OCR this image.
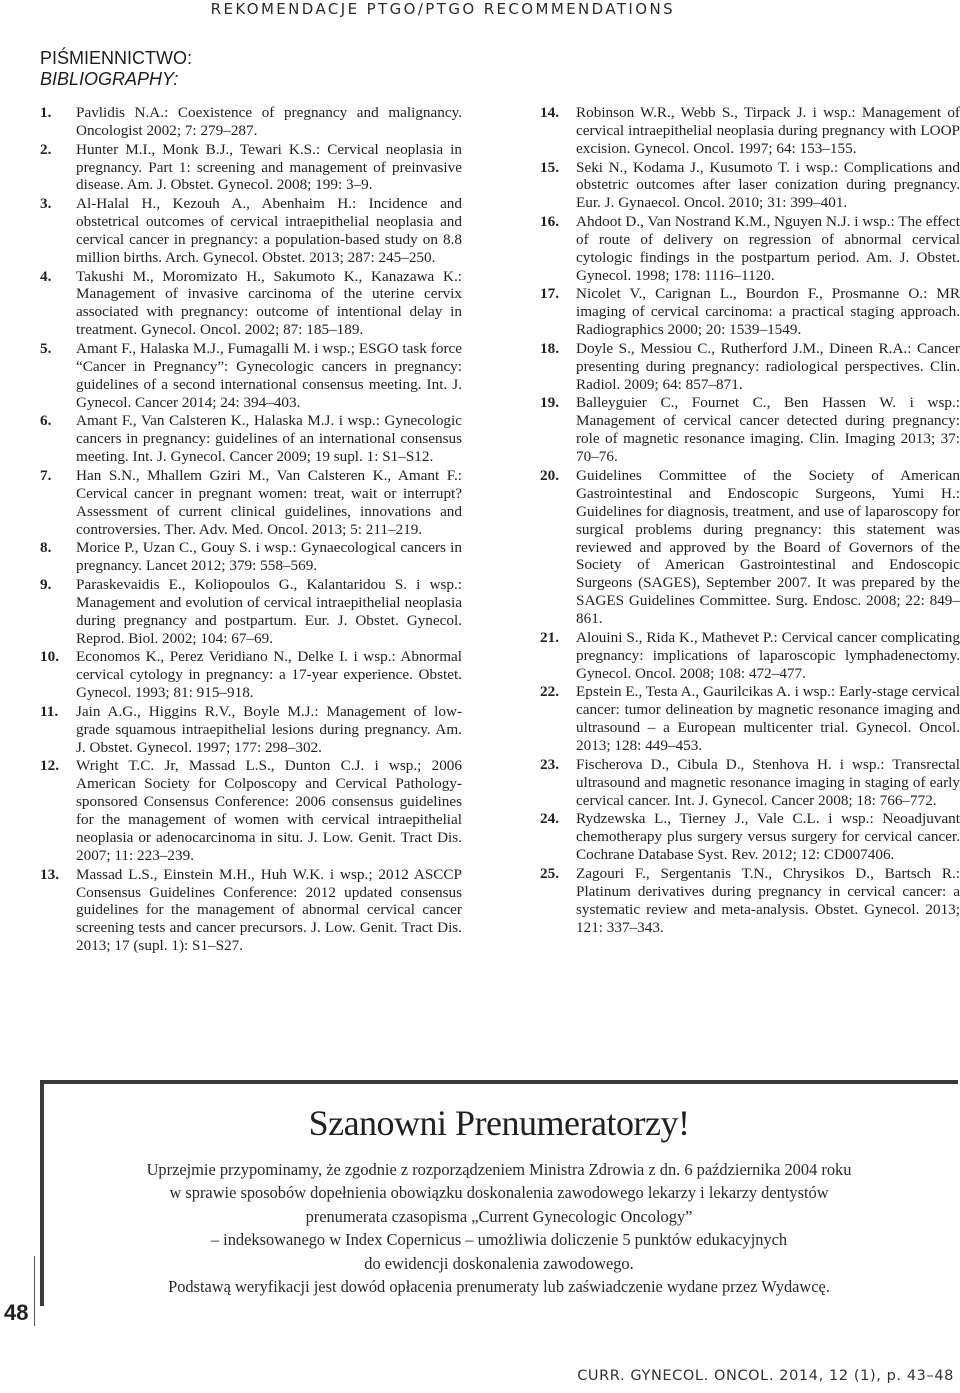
REKOMENDACJE PTGO/PTGO RECOMMENDATIONS
PIŚMIENNICTWO:
BIBLIOGRAPHY:
1. Pavlidis N.A.: Coexistence of pregnancy and malignancy. Oncologist 2002; 7: 279–287.
2. Hunter M.I., Monk B.J., Tewari K.S.: Cervical neoplasia in pregnancy. Part 1: screening and management of preinvasive disease. Am. J. Obstet. Gynecol. 2008; 199: 3–9.
3. Al-Halal H., Kezouh A., Abenhaim H.: Incidence and obstetrical outcomes of cervical intraepithelial neoplasia and cervical cancer in pregnancy: a population-based study on 8.8 million births. Arch. Gynecol. Obstet. 2013; 287: 245–250.
4. Takushi M., Moromizato H., Sakumoto K., Kanazawa K.: Management of invasive carcinoma of the uterine cervix associated with pregnancy: outcome of intentional delay in treatment. Gynecol. Oncol. 2002; 87: 185–189.
5. Amant F., Halaska M.J., Fumagalli M. i wsp.; ESGO task force “Cancer in Pregnancy”: Gynecologic cancers in pregnancy: guidelines of a second international consensus meeting. Int. J. Gynecol. Cancer 2014; 24: 394–403.
6. Amant F., Van Calsteren K., Halaska M.J. i wsp.: Gynecologic cancers in pregnancy: guidelines of an international consensus meeting. Int. J. Gynecol. Cancer 2009; 19 supl. 1: S1–S12.
7. Han S.N., Mhallem Gziri M., Van Calsteren K., Amant F.: Cervical cancer in pregnant women: treat, wait or interrupt? Assessment of current clinical guidelines, innovations and controversies. Ther. Adv. Med. Oncol. 2013; 5: 211–219.
8. Morice P., Uzan C., Gouy S. i wsp.: Gynaecological cancers in pregnancy. Lancet 2012; 379: 558–569.
9. Paraskevaidis E., Koliopoulos G., Kalantaridou S. i wsp.: Management and evolution of cervical intraepithelial neoplasia during pregnancy and postpartum. Eur. J. Obstet. Gynecol. Reprod. Biol. 2002; 104: 67–69.
10. Economos K., Perez Veridiano N., Delke I. i wsp.: Abnormal cervical cytology in pregnancy: a 17-year experience. Obstet. Gynecol. 1993; 81: 915–918.
11. Jain A.G., Higgins R.V., Boyle M.J.: Management of low-grade squamous intraepithelial lesions during pregnancy. Am. J. Obstet. Gynecol. 1997; 177: 298–302.
12. Wright T.C. Jr, Massad L.S., Dunton C.J. i wsp.; 2006 American Society for Colposcopy and Cervical Pathology-sponsored Consensus Conference: 2006 consensus guidelines for the management of women with cervical intraepithelial neoplasia or adenocarcinoma in situ. J. Low. Genit. Tract Dis. 2007; 11: 223–239.
13. Massad L.S., Einstein M.H., Huh W.K. i wsp.; 2012 ASCCP Consensus Guidelines Conference: 2012 updated consensus guidelines for the management of abnormal cervical cancer screening tests and cancer precursors. J. Low. Genit. Tract Dis. 2013; 17 (supl. 1): S1–S27.
14. Robinson W.R., Webb S., Tirpack J. i wsp.: Management of cervical intraepithelial neoplasia during pregnancy with LOOP excision. Gynecol. Oncol. 1997; 64: 153–155.
15. Seki N., Kodama J., Kusumoto T. i wsp.: Complications and obstetric outcomes after laser conization during pregnancy. Eur. J. Gynaecol. Oncol. 2010; 31: 399–401.
16. Ahdoot D., Van Nostrand K.M., Nguyen N.J. i wsp.: The effect of route of delivery on regression of abnormal cervical cytologic findings in the postpartum period. Am. J. Obstet. Gynecol. 1998; 178: 1116–1120.
17. Nicolet V., Carignan L., Bourdon F., Prosmanne O.: MR imaging of cervical carcinoma: a practical staging approach. Radiographics 2000; 20: 1539–1549.
18. Doyle S., Messiou C., Rutherford J.M., Dineen R.A.: Cancer presenting during pregnancy: radiological perspectives. Clin. Radiol. 2009; 64: 857–871.
19. Balleyguier C., Fournet C., Ben Hassen W. i wsp.: Management of cervical cancer detected during pregnancy: role of magnetic resonance imaging. Clin. Imaging 2013; 37: 70–76.
20. Guidelines Committee of the Society of American Gastrointestinal and Endoscopic Surgeons, Yumi H.: Guidelines for diagnosis, treatment, and use of laparoscopy for surgical problems during pregnancy: this statement was reviewed and approved by the Board of Governors of the Society of American Gastrointestinal and Endoscopic Surgeons (SAGES), September 2007. It was prepared by the SAGES Guidelines Committee. Surg. Endosc. 2008; 22: 849–861.
21. Alouini S., Rida K., Mathevet P.: Cervical cancer complicating pregnancy: implications of laparoscopic lymphadenectomy. Gynecol. Oncol. 2008; 108: 472–477.
22. Epstein E., Testa A., Gaurilcikas A. i wsp.: Early-stage cervical cancer: tumor delineation by magnetic resonance imaging and ultrasound – a European multicenter trial. Gynecol. Oncol. 2013; 128: 449–453.
23. Fischerova D., Cibula D., Stenhova H. i wsp.: Transrectal ultrasound and magnetic resonance imaging in staging of early cervical cancer. Int. J. Gynecol. Cancer 2008; 18: 766–772.
24. Rydzewska L., Tierney J., Vale C.L. i wsp.: Neoadjuvant chemotherapy plus surgery versus surgery for cervical cancer. Cochrane Database Syst. Rev. 2012; 12: CD007406.
25. Zagouri F., Sergentanis T.N., Chrysikos D., Bartsch R.: Platinum derivatives during pregnancy in cervical cancer: a systematic review and meta-analysis. Obstet. Gynecol. 2013; 121: 337–343.
Szanowni Prenumeratorzy!
Uprzejmie przypominamy, że zgodnie z rozporządzeniem Ministra Zdrowia z dn. 6 października 2004 roku
w sprawie sposobów dopełnienia obowiązku doskonalenia zawodowego lekarzy i lekarzy dentystów
prenumerata czasopisma „Current Gynecologic Oncology”
– indeksowanego w Index Copernicus – umożliwia doliczenie 5 punktów edukacyjnych
do ewidencji doskonalenia zawodowego.
Podstawą weryfikacji jest dowód opłacenia prenumeraty lub zaświadczenie wydane przez Wydawcę.
48
CURR. GYNECOL. ONCOL. 2014, 12 (1), p. 43–48
